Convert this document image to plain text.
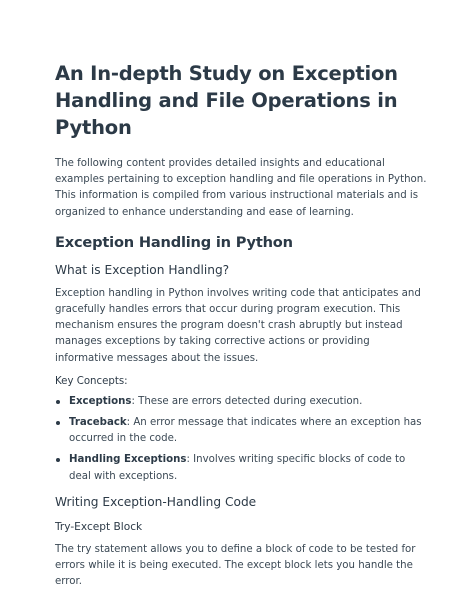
An In-depth Study on Exception Handling and File Operations in Python

The following content provides detailed insights and educational examples pertaining to exception handling and file operations in Python. This information is compiled from various instructional materials and is organized to enhance understanding and ease of learning.

Exception Handling in Python
What is Exception Handling?

Exception handling in Python involves writing code that anticipates and gracefully handles errors that occur during program execution. This mechanism ensures the program doesn't crash abruptly but instead manages exceptions by taking corrective actions or providing informative messages about the issues.

Key Concepts:

Exceptions: These are errors detected during execution.
Traceback: An error message that indicates where an exception has occurred in the code.
Handling Exceptions: Involves writing specific blocks of code to deal with exceptions.
Writing Exception-Handling Code
Try-Except Block

The try statement allows you to define a block of code to be tested for errors while it is being executed. The except block lets you handle the error.
